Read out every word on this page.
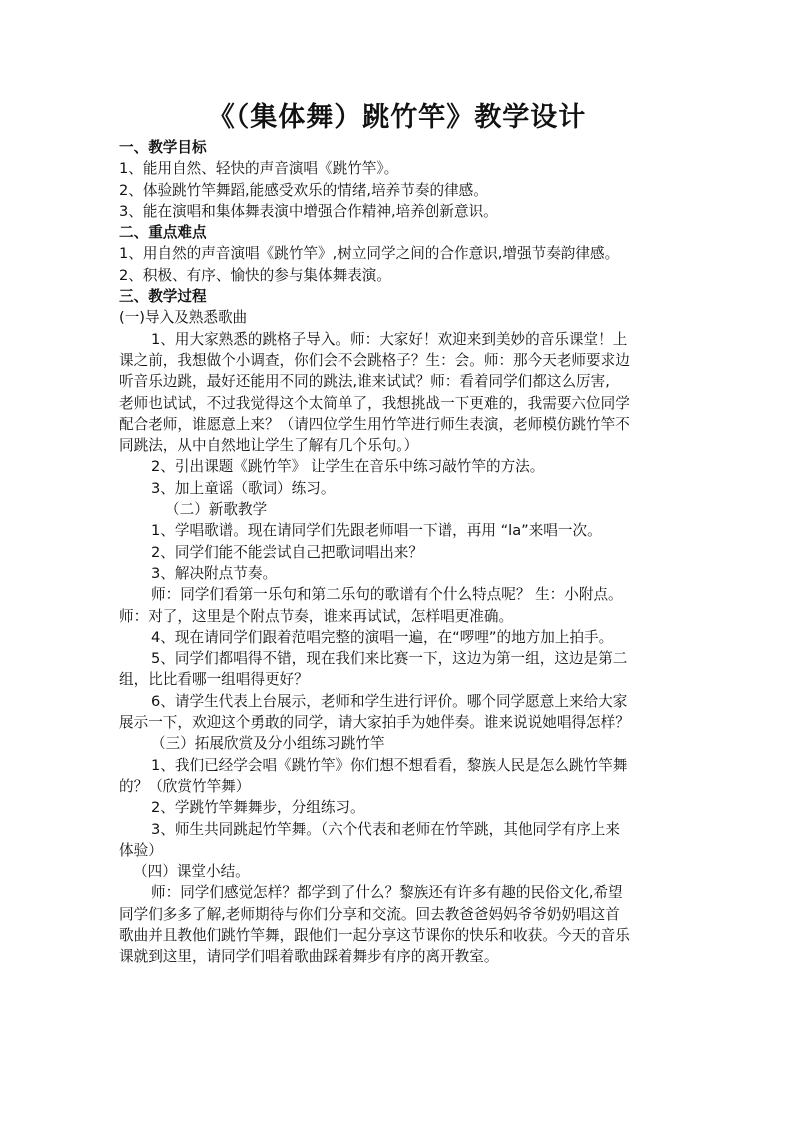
《（集体舞）跳竹竿》教学设计
一、教学目标
1、能用自然、轻快的声音演唱《跳竹竿》。
2、体验跳竹竿舞蹈,能感受欢乐的情绪,培养节奏的律感。
3、能在演唱和集体舞表演中增强合作精神,培养创新意识。
二、重点难点
1、用自然的声音演唱《跳竹竿》,树立同学之间的合作意识,增强节奏韵律感。
2、积极、有序、愉快的参与集体舞表演。
三、教学过程
(一)导入及熟悉歌曲
1、用大家熟悉的跳格子导入。师：大家好！欢迎来到美妙的音乐课堂！上
课之前，我想做个小调查，你们会不会跳格子？生：会。师：那今天老师要求边
听音乐边跳，最好还能用不同的跳法,谁来试试？师：看着同学们都这么厉害,
老师也试试，不过我觉得这个太简单了，我想挑战一下更难的，我需要六位同学
配合老师，谁愿意上来？（请四位学生用竹竿进行师生表演，老师模仿跳竹竿不
同跳法，从中自然地让学生了解有几个乐句。）
2、引出课题《跳竹竿》 让学生在音乐中练习敲竹竿的方法。
3、加上童谣（歌词）练习。
（二）新歌教学
1、学唱歌谱。现在请同学们先跟老师唱一下谱，再用 “la”来唱一次。
2、同学们能不能尝试自己把歌词唱出来？
3、解决附点节奏。
师：同学们看第一乐句和第二乐句的歌谱有个什么特点呢？ 生：小附点。
师：对了，这里是个附点节奏，谁来再试试，怎样唱更准确。
4、现在请同学们跟着范唱完整的演唱一遍，在“啰哩”的地方加上拍手。
5、同学们都唱得不错，现在我们来比赛一下，这边为第一组，这边是第二
组，比比看哪一组唱得更好？
6、请学生代表上台展示，老师和学生进行评价。哪个同学愿意上来给大家
展示一下，欢迎这个勇敢的同学，请大家拍手为她伴奏。谁来说说她唱得怎样？
（三）拓展欣赏及分小组练习跳竹竿
1、我们已经学会唱《跳竹竿》你们想不想看看，黎族人民是怎么跳竹竿舞
的？（欣赏竹竿舞）
2、学跳竹竿舞舞步，分组练习。
3、师生共同跳起竹竿舞。（六个代表和老师在竹竿跳，其他同学有序上来
体验）
（四）课堂小结。
师：同学们感觉怎样？都学到了什么？黎族还有许多有趣的民俗文化,希望
同学们多多了解,老师期待与你们分享和交流。回去教爸爸妈妈爷爷奶奶唱这首
歌曲并且教他们跳竹竿舞，跟他们一起分享这节课你的快乐和收获。今天的音乐
课就到这里，请同学们唱着歌曲踩着舞步有序的离开教室。
